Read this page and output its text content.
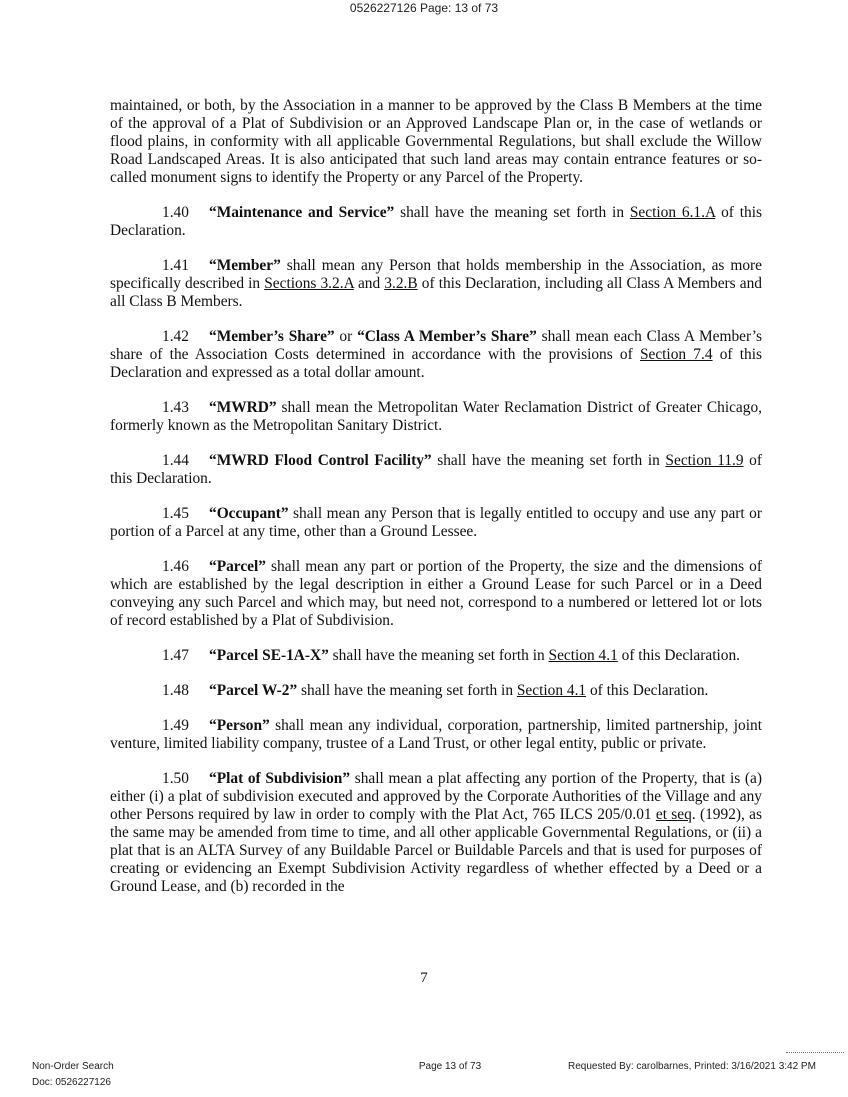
0526227126 Page: 13 of 73

maintained, or both, by the Association in a manner to be approved by the Class B Members at the time of the approval of a Plat of Subdivision or an Approved Landscape Plan or, in the case of wetlands or flood plains, in conformity with all applicable Governmental Regulations, but shall exclude the Willow Road Landscaped Areas. It is also anticipated that such land areas may contain entrance features or so-called monument signs to identify the Property or any Parcel of the Property.

1.40 “Maintenance and Service” shall have the meaning set forth in Section 6.1.A of this Declaration.

1.41 “Member” shall mean any Person that holds membership in the Association, as more specifically described in Sections 3.2.A and 3.2.B of this Declaration, including all Class A Members and all Class B Members.

1.42 “Member’s Share” or “Class A Member’s Share” shall mean each Class A Member’s share of the Association Costs determined in accordance with the provisions of Section 7.4 of this Declaration and expressed as a total dollar amount.

1.43 “MWRD” shall mean the Metropolitan Water Reclamation District of Greater Chicago, formerly known as the Metropolitan Sanitary District.

1.44 “MWRD Flood Control Facility” shall have the meaning set forth in Section 11.9 of this Declaration.

1.45 “Occupant” shall mean any Person that is legally entitled to occupy and use any part or portion of a Parcel at any time, other than a Ground Lessee.

1.46 “Parcel” shall mean any part or portion of the Property, the size and the dimensions of which are established by the legal description in either a Ground Lease for such Parcel or in a Deed conveying any such Parcel and which may, but need not, correspond to a numbered or lettered lot or lots of record established by a Plat of Subdivision.

1.47 “Parcel SE-1A-X” shall have the meaning set forth in Section 4.1 of this Declaration.

1.48 “Parcel W-2” shall have the meaning set forth in Section 4.1 of this Declaration.

1.49 “Person” shall mean any individual, corporation, partnership, limited partnership, joint venture, limited liability company, trustee of a Land Trust, or other legal entity, public or private.

1.50 “Plat of Subdivision” shall mean a plat affecting any portion of the Property, that is (a) either (i) a plat of subdivision executed and approved by the Corporate Authorities of the Village and any other Persons required by law in order to comply with the Plat Act, 765 ILCS 205/0.01 et seq. (1992), as the same may be amended from time to time, and all other applicable Governmental Regulations, or (ii) a plat that is an ALTA Survey of any Buildable Parcel or Buildable Parcels and that is used for purposes of creating or evidencing an Exempt Subdivision Activity regardless of whether effected by a Deed or a Ground Lease, and (b) recorded in the

7
Non-Order Search
Doc: 0526227126
Page 13 of 73	Requested By: carolbarnes, Printed: 3/16/2021 3:42 PM
